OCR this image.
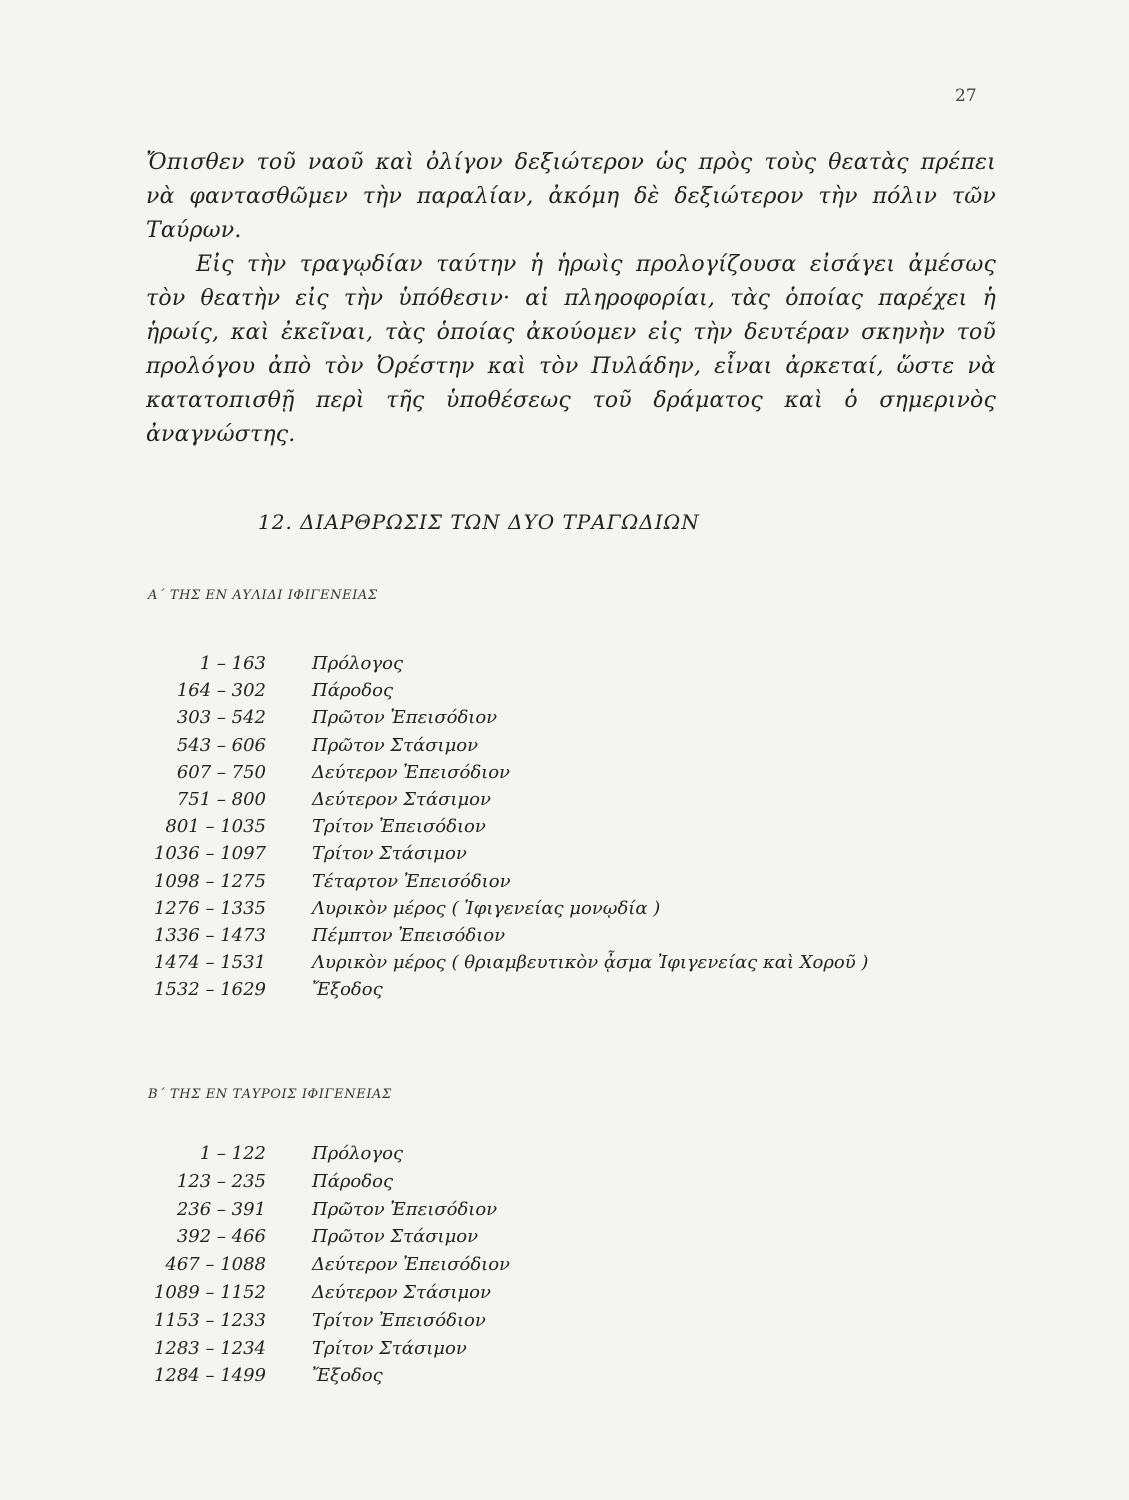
27

Ὄπισθεν τοῦ ναοῦ καὶ ὀλίγον δεξιώτερον ὡς πρὸς τοὺς θεατὰς πρέπει νὰ φαντασθῶμεν τὴν παραλίαν, ἀκόμη δὲ δεξιώτερον τὴν πόλιν τῶν Ταύρων.

Εἰς τὴν τραγῳδίαν ταύτην ἡ ἡρωὶς προλογίζουσα εἰσάγει ἀμέσως τὸν θεατὴν εἰς τὴν ὑπόθεσιν· αἱ πληροφορίαι, τὰς ὁποίας παρέχει ἡ ἡρωίς, καὶ ἐκεῖναι, τὰς ὁποίας ἀκούομεν εἰς τὴν δευτέραν σκηνὴν τοῦ προλόγου ἀπὸ τὸν Ὀρέστην καὶ τὸν Πυλάδην, εἶναι ἀρκεταί, ὥστε νὰ κατατοπισθῇ περὶ τῆς ὑποθέσεως τοῦ δράματος καὶ ὁ σημερινὸς ἀναγνώστης.

12. ΔΙΑΡΘΡΩΣΙΣ ΤΩΝ ΔΥΟ ΤΡΑΓΩΔΙΩΝ
Α΄ ΤΗΣ ΕΝ ΑΥΛΙΔΙ ΙΦΙΓΕΝΕΙΑΣ
1 – 163	Πρόλογος
164 – 302	Πάροδος
303 – 542	Πρῶτον Ἐπεισόδιον
543 – 606	Πρῶτον Στάσιμον
607 – 750	Δεύτερον Ἐπεισόδιον
751 – 800	Δεύτερον Στάσιμον
801 – 1035	Τρίτον Ἐπεισόδιον
1036 – 1097	Τρίτον Στάσιμον
1098 – 1275	Τέταρτον Ἐπεισόδιον
1276 – 1335	Λυρικὸν μέρος ( Ἰφιγενείας μονῳδία )
1336 – 1473	Πέμπτον Ἐπεισόδιον
1474 – 1531	Λυρικὸν μέρος ( θριαμβευτικὸν ᾆσμα Ἰφιγενείας καὶ Χοροῦ )
1532 – 1629	Ἔξοδος
Β΄ ΤΗΣ ΕΝ ΤΑΥΡΟΙΣ ΙΦΙΓΕΝΕΙΑΣ
1 – 122	Πρόλογος
123 – 235	Πάροδος
236 – 391	Πρῶτον Ἐπεισόδιον
392 – 466	Πρῶτον Στάσιμον
467 – 1088	Δεύτερον Ἐπεισόδιον
1089 – 1152	Δεύτερον Στάσιμον
1153 – 1233	Τρίτον Ἐπεισόδιον
1283 – 1234	Τρίτον Στάσιμον
1284 – 1499	Ἔξοδος
